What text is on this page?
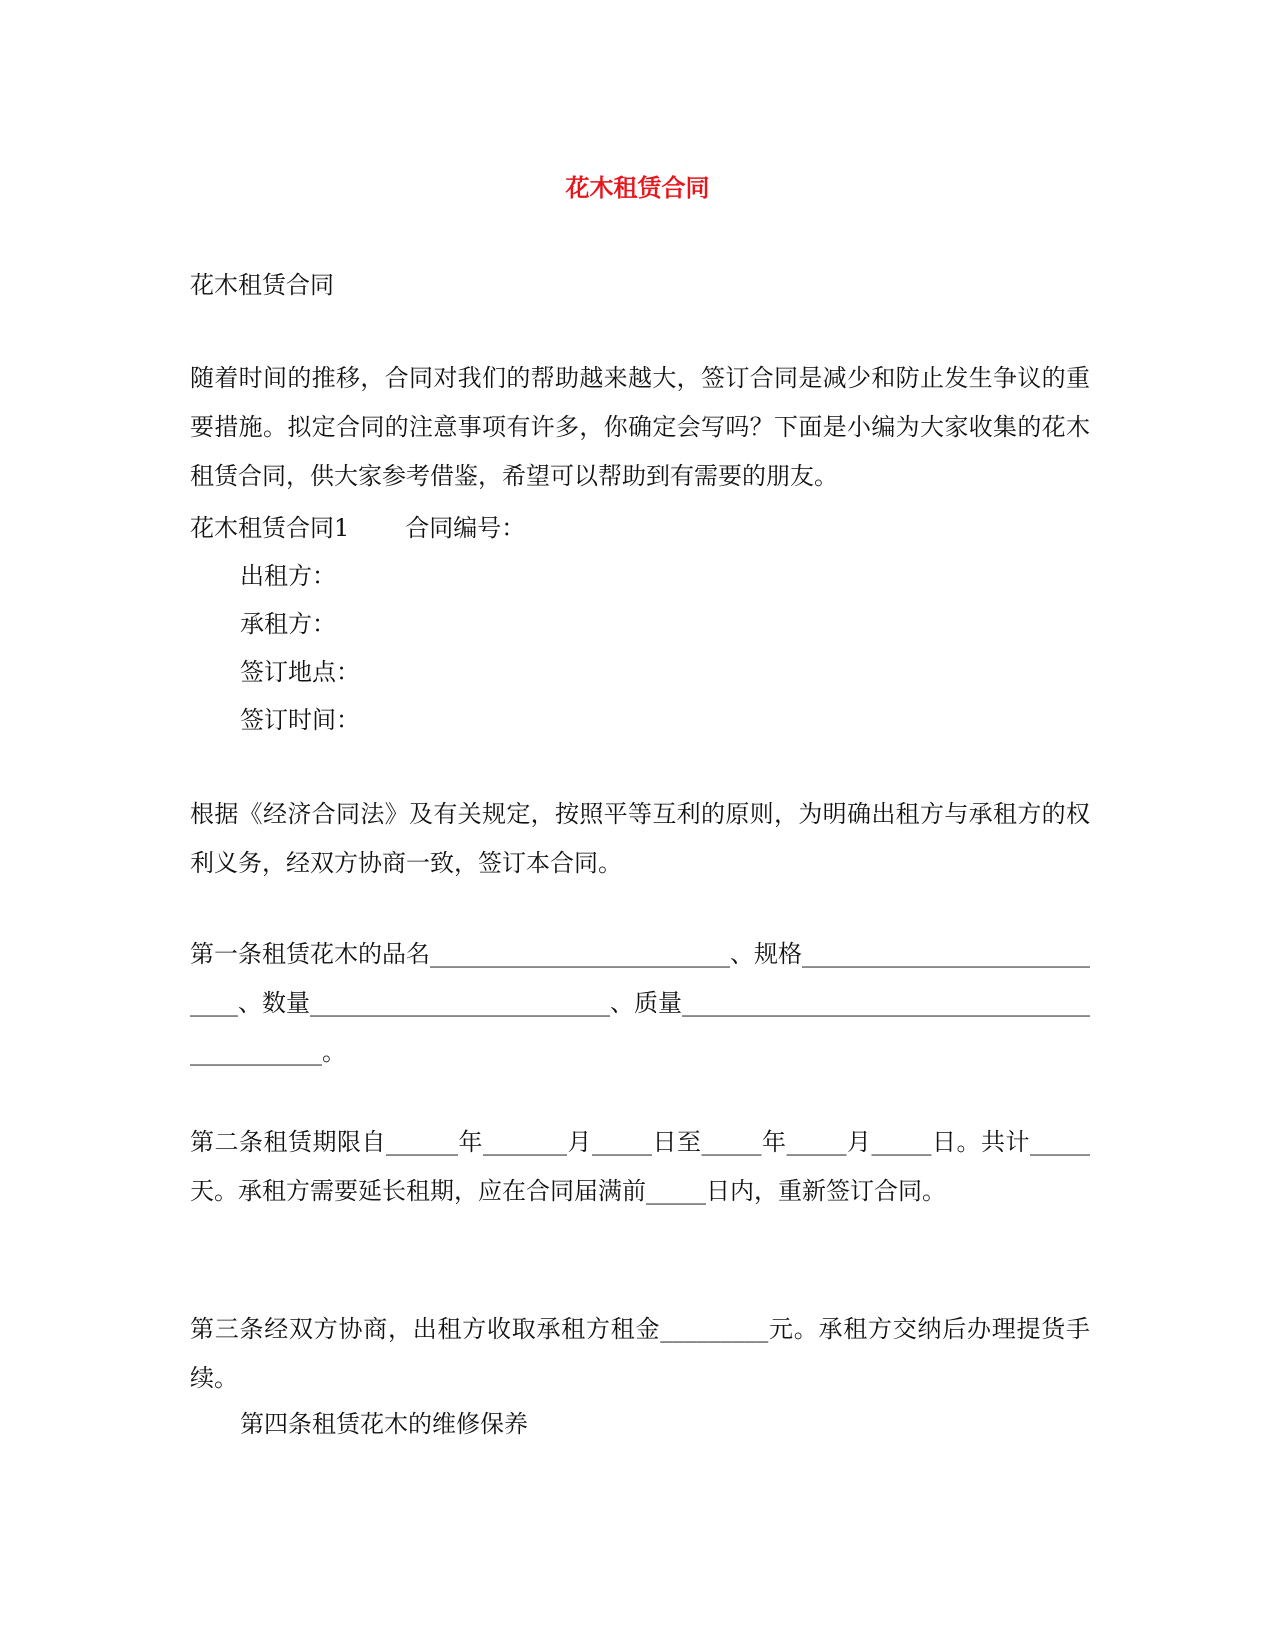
花木租赁合同
花木租赁合同
随着时间的推移，合同对我们的帮助越来越大，签订合同是减少和防止发生争议的重要措施。拟定合同的注意事项有许多，你确定会写吗？下面是小编为大家收集的花木租赁合同，供大家参考借鉴，希望可以帮助到有需要的朋友。
花木租赁合同1 合同编号：
出租方：
承租方：
签订地点：
签订时间：
根据《经济合同法》及有关规定，按照平等互利的原则，为明确出租方与承租方的权利义务，经双方协商一致，签订本合同。
第一条租赁花木的品名_________________________、规格____________________________、数量_________________________、质量_____________________________________________。
第二条租赁期限自______年_______月_____日至_____年_____月_____日。共计_____天。承租方需要延长租期，应在合同届满前_____日内，重新签订合同。
第三条经双方协商，出租方收取承租方租金_________元。承租方交纳后办理提货手续。
第四条租赁花木的维修保养
